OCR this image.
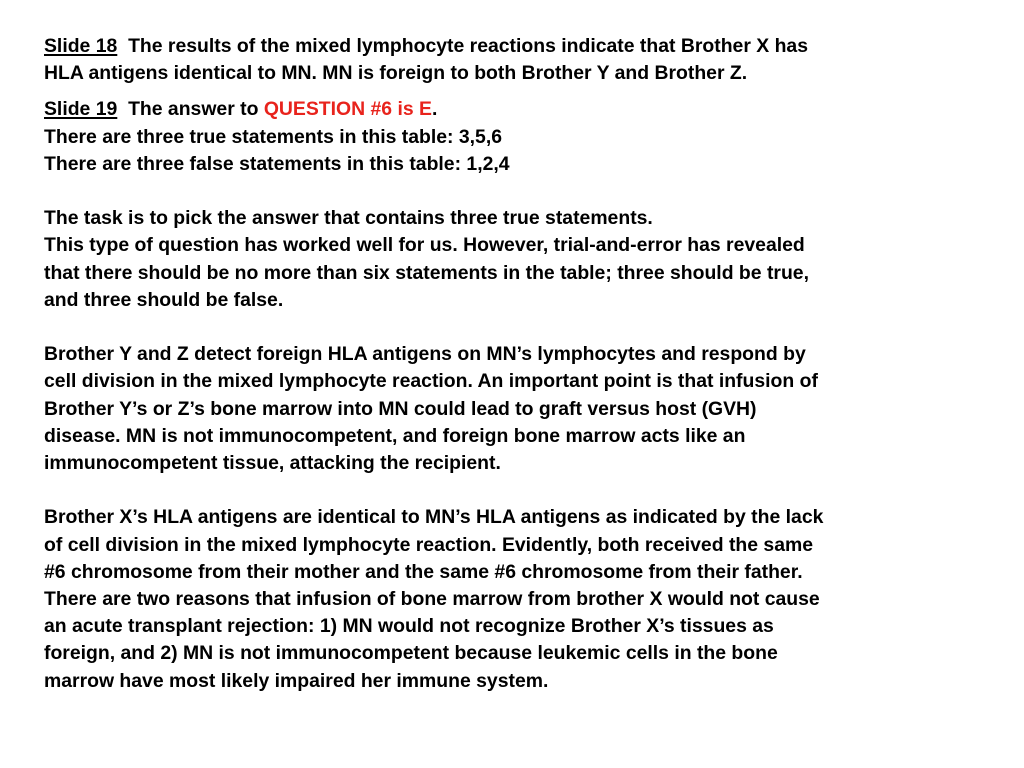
Slide 18  The results of the mixed lymphocyte reactions indicate that Brother X has
HLA antigens identical to MN. MN is foreign to both Brother Y and Brother Z.

Slide 19  The answer to QUESTION #6 is E.
There are three true statements in this table: 3,5,6
There are three false statements in this table: 1,2,4
The task is to pick the answer that contains three true statements.
This type of question has worked well for us. However, trial-and-error has revealed
that there should be no more than six statements in the table; three should be true,
and three should be false.
Brother Y and Z detect foreign HLA antigens on MN’s lymphocytes and respond by
cell division in the mixed lymphocyte reaction. An important point is that infusion of
Brother Y’s or Z’s bone marrow into MN could lead to graft versus host (GVH)
disease. MN is not immunocompetent, and foreign bone marrow acts like an
immunocompetent tissue, attacking the recipient.
Brother X’s HLA antigens are identical to MN’s HLA antigens as indicated by the lack
of cell division in the mixed lymphocyte reaction. Evidently, both received the same
#6 chromosome from their mother and the same #6 chromosome from their father.
There are two reasons that infusion of bone marrow from brother X would not cause
an acute transplant rejection: 1) MN would not recognize Brother X’s tissues as
foreign, and 2) MN is not immunocompetent because leukemic cells in the bone
marrow have most likely impaired her immune system.
